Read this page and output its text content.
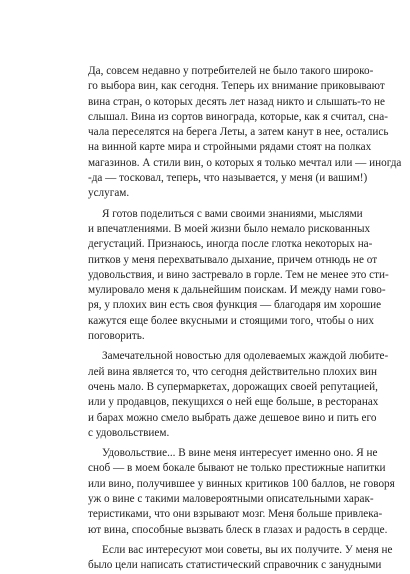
Да, совсем недавно у потребителей не было такого широко-
го выбора вин, как сегодня. Теперь их внимание приковывают
вина стран, о которых десять лет назад никто и слышать-то не
слышал. Вина из сортов винограда, которые, как я считал, сна-
чала переселятся на берега Леты, а затем канут в нее, остались
на винной карте мира и стройными рядами стоят на полках
магазинов. А стили вин, о которых я только мечтал или — иногда
-да — тосковал, теперь, что называется, у меня (и вашим!)
услугам.

Я готов поделиться с вами своими знаниями, мыслями
и впечатлениями. В моей жизни было немало рискованных
дегустаций. Признаюсь, иногда после глотка некоторых на-
питков у меня перехватывало дыхание, причем отнюдь не от
удовольствия, и вино застревало в горле. Тем не менее это сти-
мулировало меня к дальнейшим поискам. И между нами гово-
ря, у плохих вин есть своя функция — благодаря им хорошие
кажутся еще более вкусными и стоящими того, чтобы о них
поговорить.

Замечательной новостью для одолеваемых жаждой любите-
лей вина является то, что сегодня действительно плохих вин
очень мало. В супермаркетах, дорожащих своей репутацией,
или у продавцов, пекущихся о ней еще больше, в ресторанах
и барах можно смело выбрать даже дешевое вино и пить его
с удовольствием.

Удовольствие... В вине меня интересует именно оно. Я не
сноб — в моем бокале бывают не только престижные напитки
или вино, получившее у винных критиков 100 баллов, не говоря
уж о вине с такими маловероятными описательными харак-
теристиками, что они взрывают мозг. Меня больше привлека-
ют вина, способные вызвать блеск в глазах и радость в сердце.

Если вас интересуют мои советы, вы их получите. У меня не
было цели написать статистический справочник с занудными
